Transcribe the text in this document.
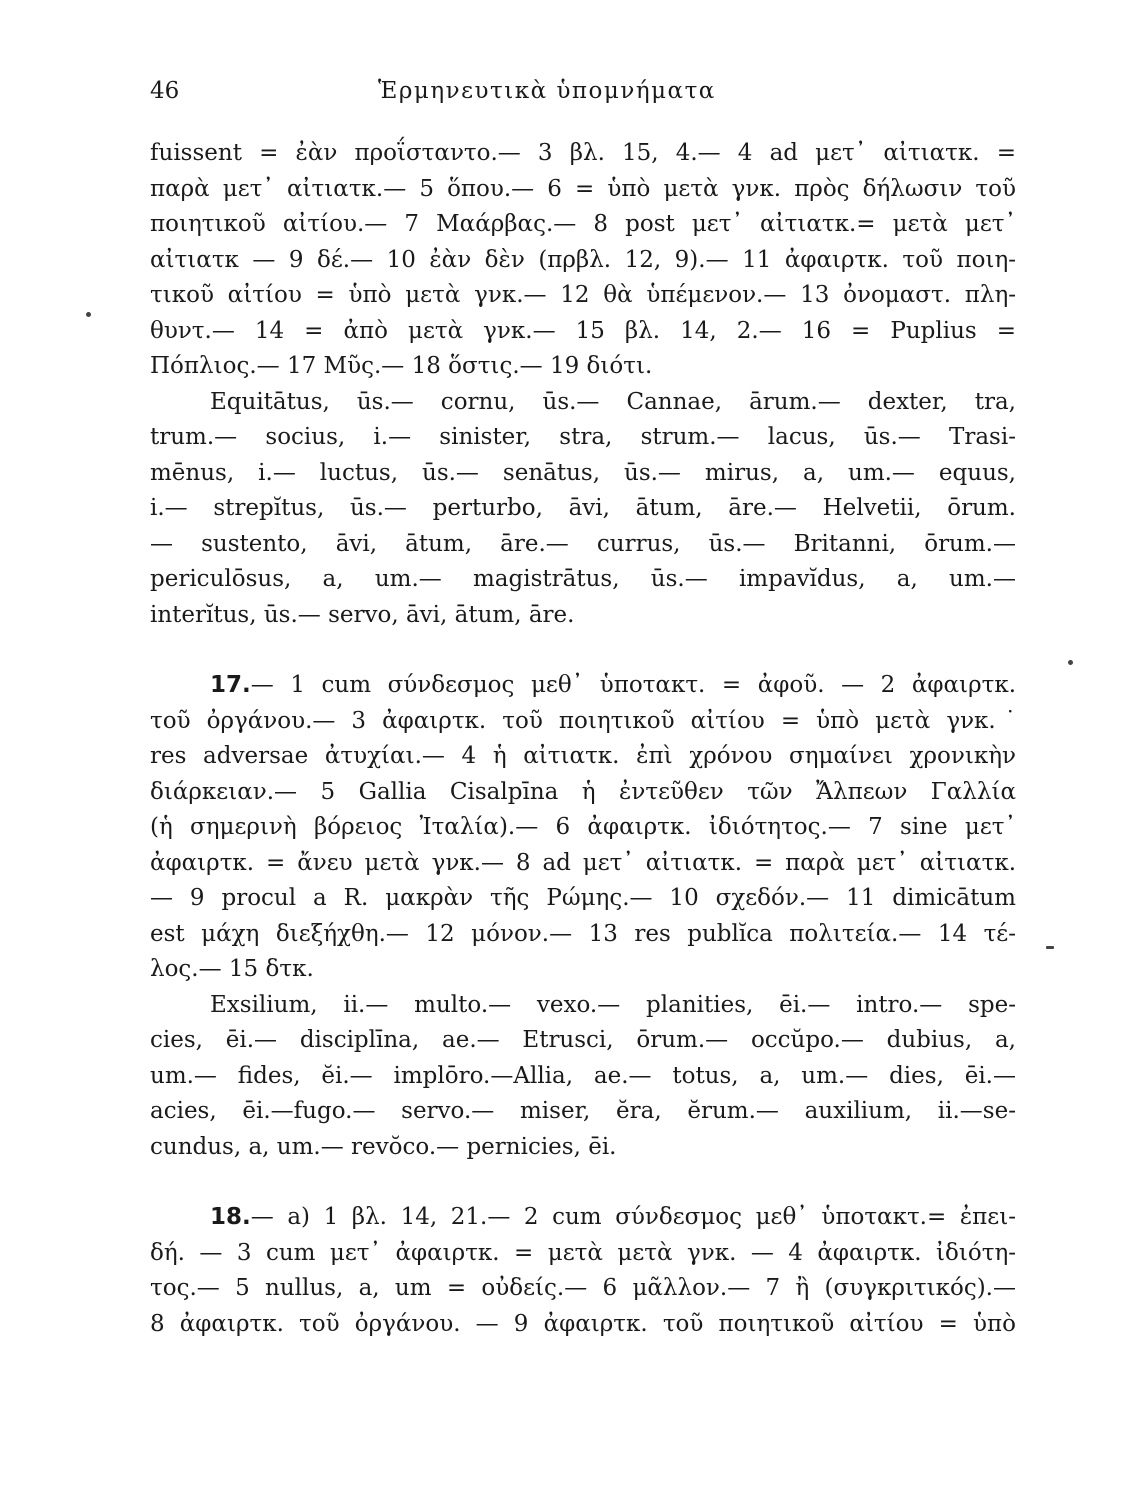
46	Ἑρμηνευτικὰ ὑπομνήματα
fuissent = ἐὰν προΐσταντο.— 3 βλ. 15, 4.— 4 ad μετ᾽ αἰτιατκ. =
παρὰ μετ᾽ αἰτιατκ.— 5 ὅπου.— 6 = ὑπὸ μετὰ γνκ. πρὸς δήλωσιν τοῦ
ποιητικοῦ αἰτίου.— 7 Μαάρβας.— 8 post μετ᾽ αἰτιατκ.= μετὰ μετ᾽
αἰτιατκ — 9 δέ.— 10 ἐὰν δὲν (πρβλ. 12, 9).— 11 ἀφαιρτκ. τοῦ ποιη-
τικοῦ αἰτίου = ὑπὸ μετὰ γνκ.— 12 θὰ ὑπέμενον.— 13 ὀνομαστ. πλη-
θυντ.— 14 = ἀπὸ μετὰ γνκ.— 15 βλ. 14, 2.— 16 = Puplius =
Πόπλιος.— 17 Μῦς.— 18 ὅστις.— 19 διότι.
Equitātus, ūs.— cornu, ūs.— Cannae, ārum.— dexter, tra,
trum.— socius, i.— sinister, stra, strum.— lacus, ūs.— Trasi-
mēnus, i.— luctus, ūs.— senātus, ūs.— mirus, a, um.— equus,
i.— strepĭtus, ūs.— perturbo, āvi, ātum, āre.— Helvetii, ōrum.
— sustento, āvi, ātum, āre.— currus, ūs.— Britanni, ōrum.—
periculōsus, a, um.— magistrātus, ūs.— impavĭdus, a, um.—
interĭtus, ūs.— servo, āvi, ātum, āre.
17.— 1 cum σύνδεσμος μεθ᾽ ὑποτακτ. = ἀφοῦ. — 2 ἀφαιρτκ.
τοῦ ὀργάνου.— 3 ἀφαιρτκ. τοῦ ποιητικοῦ αἰτίου = ὑπὸ μετὰ γνκ.˙
res adversae ἀτυχίαι.— 4 ἡ αἰτιατκ. ἐπὶ χρόνου σημαίνει χρονικὴν
διάρκειαν.— 5 Gallia Cisalpīna ἡ ἐντεῦθεν τῶν Ἄλπεων Γαλλία
(ἡ σημερινὴ βόρειος Ἰταλία).— 6 ἀφαιρτκ. ἰδιότητος.— 7 sine μετ᾽
ἀφαιρτκ. = ἄνευ μετὰ γνκ.— 8 ad μετ᾽ αἰτιατκ. = παρὰ μετ᾽ αἰτιατκ.
— 9 procul a R. μακρὰν τῆς Ρώμης.— 10 σχεδόν.— 11 dimicātum
est μάχη διεξήχθη.— 12 μόνον.— 13 res publĭca πολιτεία.— 14 τέ-
λος.— 15 δτκ.
Exsilium, ii.— multo.— vexo.— planities, ēi.— intro.— spe-
cies, ēi.— disciplīna, ae.— Etrusci, ōrum.— occŭpo.— dubius, a,
um.— fides, ĕi.— implōro.—Allia, ae.— totus, a, um.— dies, ēi.—
acies, ēi.—fugo.— servo.— miser, ĕra, ĕrum.— auxilium, ii.—se-
cundus, a, um.— revŏco.— pernicies, ēi.
18.— a) 1 βλ. 14, 21.— 2 cum σύνδεσμος μεθ᾽ ὑποτακτ.= ἐπει-
δή. — 3 cum μετ᾽ ἀφαιρτκ. = μετὰ μετὰ γνκ. — 4 ἀφαιρτκ. ἰδιότη-
τος.— 5 nullus, a, um = οὐδείς.— 6 μᾶλλον.— 7 ἢ (συγκριτικός).—
8 ἀφαιρτκ. τοῦ ὀργάνου. — 9 ἀφαιρτκ. τοῦ ποιητικοῦ αἰτίου = ὑπὸ
